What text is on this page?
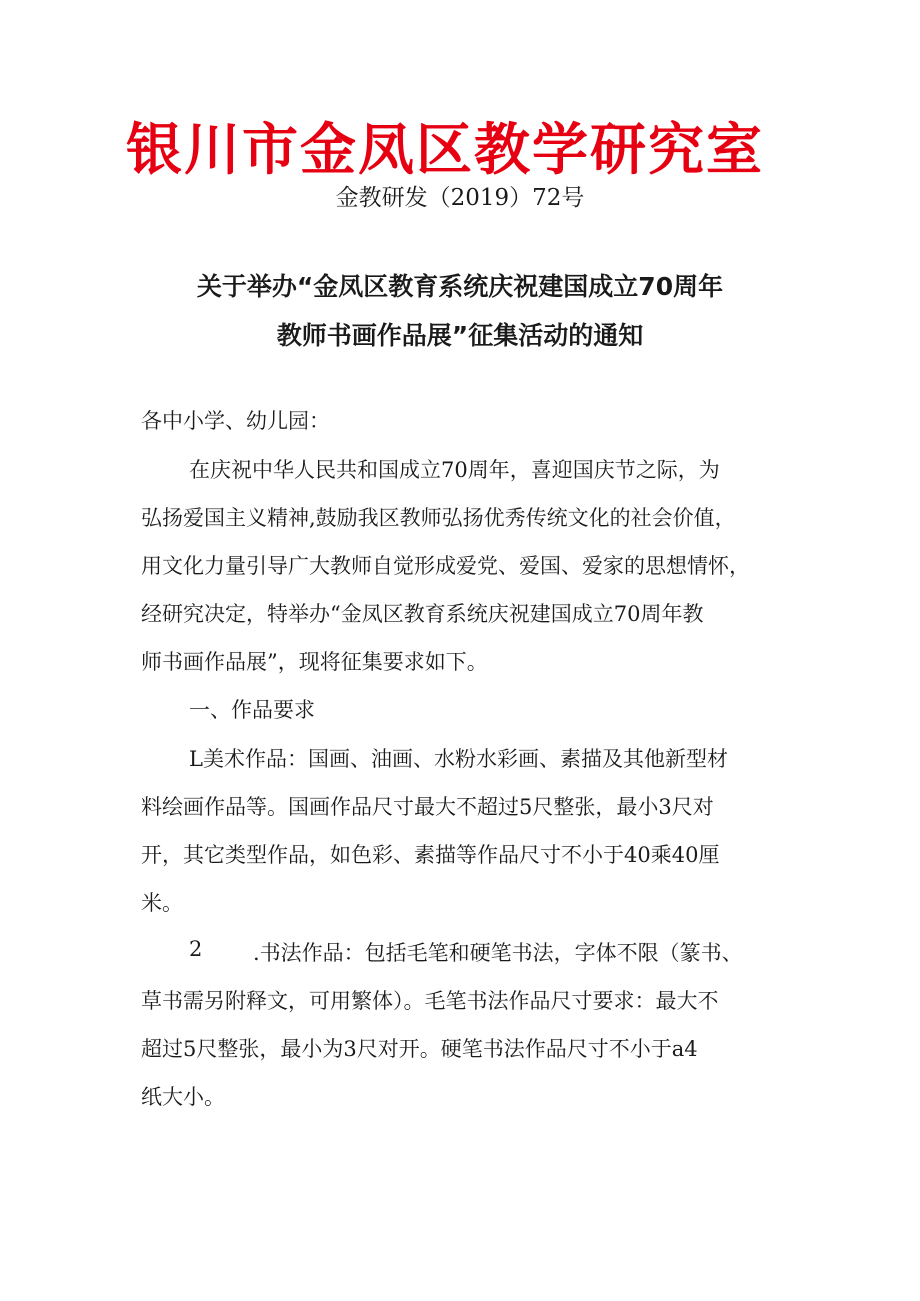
银川市金凤区教学研究室
金教研发（2019）72号
关于举办“金凤区教育系统庆祝建国成立70周年
教师书画作品展”征集活动的通知
各中小学、幼儿园：
在庆祝中华人民共和国成立70周年，喜迎国庆节之际，为
弘扬爱国主义精神,鼓励我区教师弘扬优秀传统文化的社会价值，
用文化力量引导广大教师自觉形成爱党、爱国、爱家的思想情怀，
经研究决定，特举办“金凤区教育系统庆祝建国成立70周年教
师书画作品展”，现将征集要求如下。
一、作品要求
L美术作品：国画、油画、水粉水彩画、素描及其他新型材
料绘画作品等。国画作品尺寸最大不超过5尺整张，最小3尺对
开，其它类型作品，如色彩、素描等作品尺寸不小于40乘40厘
米。
2 .书法作品：包括毛笔和硬笔书法，字体不限（篆书、
草书需另附释文，可用繁体）。毛笔书法作品尺寸要求：最大不
超过5尺整张，最小为3尺对开。硬笔书法作品尺寸不小于a4
纸大小。
